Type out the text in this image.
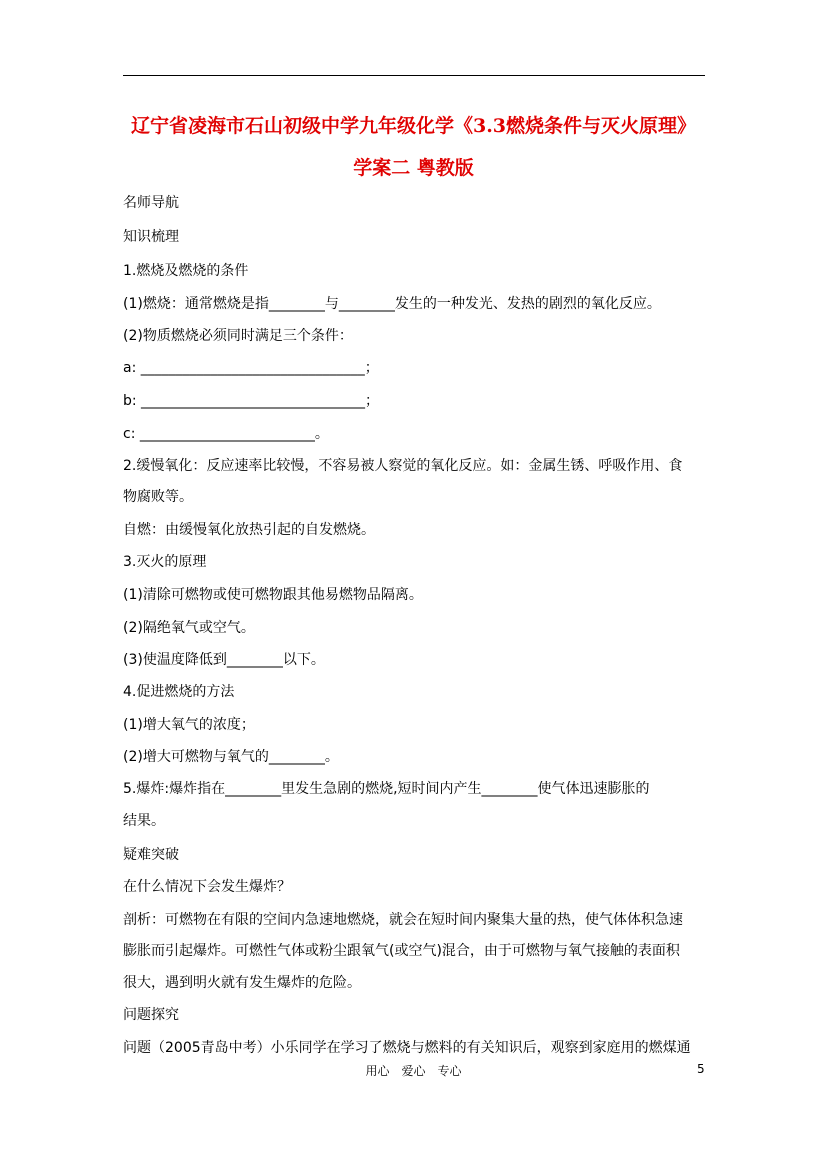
辽宁省凌海市石山初级中学九年级化学《3.3燃烧条件与灭火原理》
学案二 粤教版
名师导航
知识梳理
1.燃烧及燃烧的条件
(1)燃烧：通常燃烧是指________与________发生的一种发光、发热的剧烈的氧化反应。
(2)物质燃烧必须同时满足三个条件：
a: ________________________________；
b: ________________________________；
c: _________________________。
2.缓慢氧化：反应速率比较慢，不容易被人察觉的氧化反应。如：金属生锈、呼吸作用、食
物腐败等。
自燃：由缓慢氧化放热引起的自发燃烧。
3.灭火的原理
(1)清除可燃物或使可燃物跟其他易燃物品隔离。
(2)隔绝氧气或空气。
(3)使温度降低到________以下。
4.促进燃烧的方法
(1)增大氧气的浓度；
(2)增大可燃物与氧气的________。
5.爆炸:爆炸指在________里发生急剧的燃烧,短时间内产生________使气体迅速膨胀的
结果。
疑难突破
在什么情况下会发生爆炸？
剖析：可燃物在有限的空间内急速地燃烧，就会在短时间内聚集大量的热，使气体体积急速
膨胀而引起爆炸。可燃性气体或粉尘跟氧气(或空气)混合，由于可燃物与氧气接触的表面积
很大，遇到明火就有发生爆炸的危险。
问题探究
问题（2005青岛中考）小乐同学在学习了燃烧与燃料的有关知识后，观察到家庭用的燃煤通
用心　爱心　专心	5
